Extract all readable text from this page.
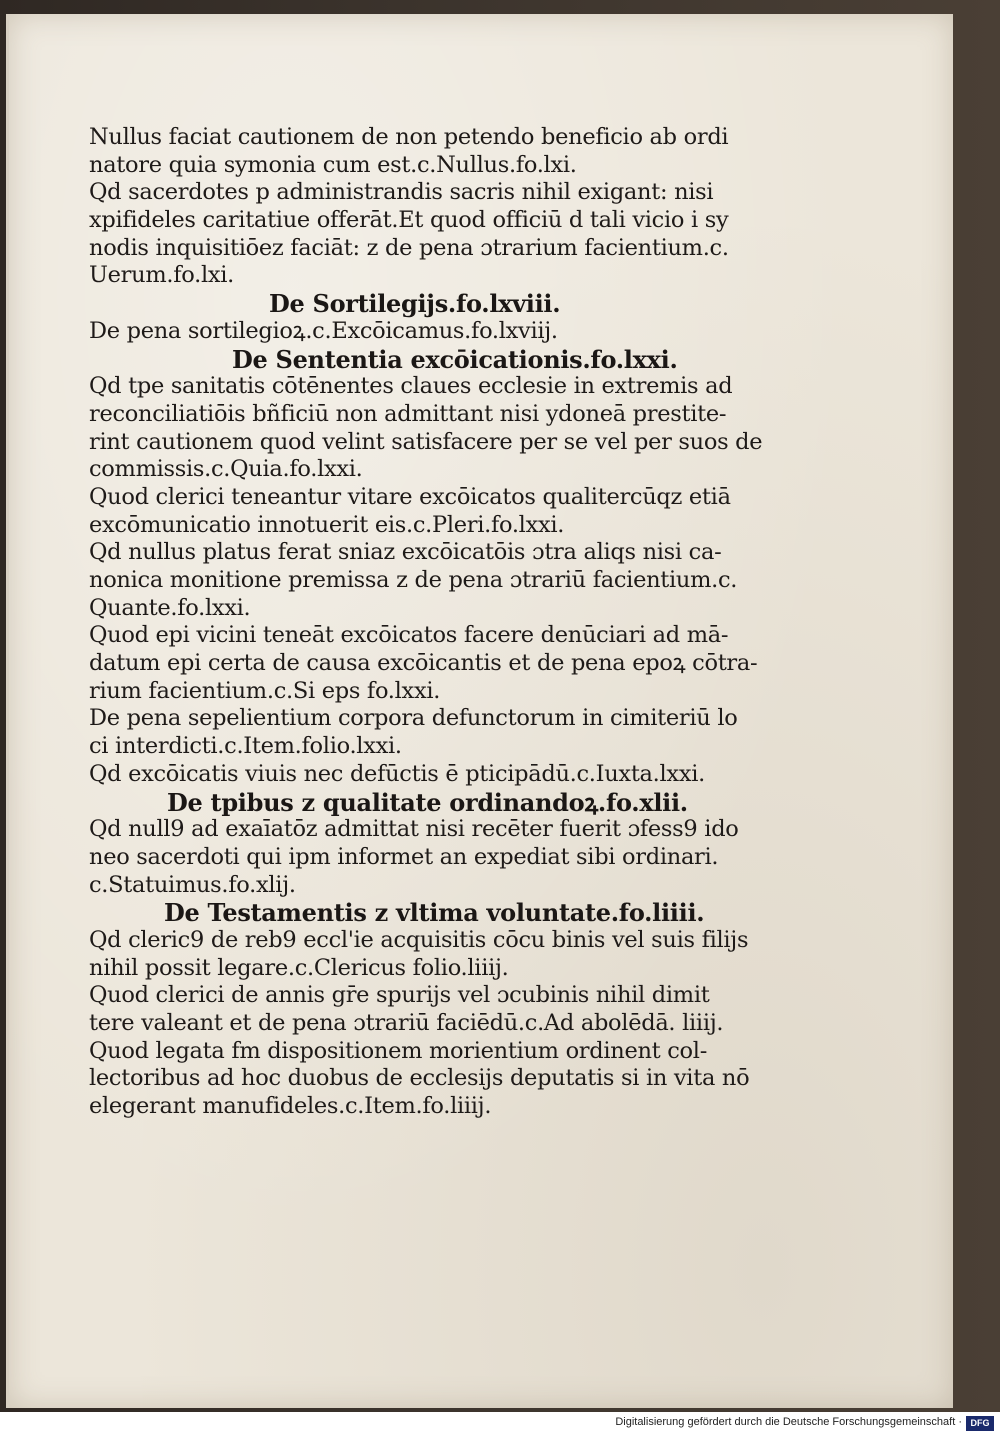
Nullus faciat cautionem de non petendo beneficio ab ordi
natore quia symonia cum est.c.Nullus.fo.lxi.
Qd sacerdotes p administrandis sacris nihil exigant: nisi
xpifideles caritatiue offerāt.Et quod officiū d tali vicio i sy
nodis inquisitiōez faciāt: z de pena ɔtrarium facientium.c.
Uerum.fo.lxi.
De Sortilegijs.fo.lxviii.
De pena sortilegioꝝ.c.Excōicamus.fo.lxviij.
De Sententia excōicationis.fo.lxxi.
Qd tpe sanitatis cōtēnentes claues ecclesie in extremis ad
reconciliatiōis bñficiū non admittant nisi ydoneā prestite-
rint cautionem quod velint satisfacere per se vel per suos de
commissis.c.Quia.fo.lxxi.
Quod clerici teneantur vitare excōicatos qualitercūqz etiā
excōmunicatio innotuerit eis.c.Pleri.fo.lxxi.
Qd nullus platus ferat sniaz excōicatōis ɔtra aliqs nisi ca-
nonica monitione premissa z de pena ɔtrariū facientium.c.
Quante.fo.lxxi.
Quod epi vicini teneāt excōicatos facere denūciari ad mā-
datum epi certa de causa excōicantis et de pena epoꝝ cōtra-
rium facientium.c.Si eps fo.lxxi.
De pena sepelientium corpora defunctorum in cimiteriū lo
ci interdicti.c.Item.folio.lxxi.
Qd excōicatis viuis nec defūctis ē pticipādū.c.Iuxta.lxxi.
De tpibus z qualitate ordinandoꝝ.fo.xlii.
Qd null9 ad exaīatōz admittat nisi recēter fuerit ɔfess9 ido
neo sacerdoti qui ipm informet an expediat sibi ordinari.
c.Statuimus.fo.xlij.
De Testamentis z vltima voluntate.fo.liiii.
Qd cleric9 de reb9 eccl'ie acquisitis cōcu binis vel suis filijs
nihil possit legare.c.Clericus folio.liiij.
Quod clerici de annis gr̄e spurijs vel ɔcubinis nihil dimit
tere valeant et de pena ɔtrariū faciēdū.c.Ad abolēdā. liiij.
Quod legata fm dispositionem morientium ordinent col-
lectoribus ad hoc duobus de ecclesijs deputatis si in vita nō
elegerant manufideles.c.Item.fo.liiij.
Digitalisierung gefördert durch die Deutsche Forschungsgemeinschaft · DFG
